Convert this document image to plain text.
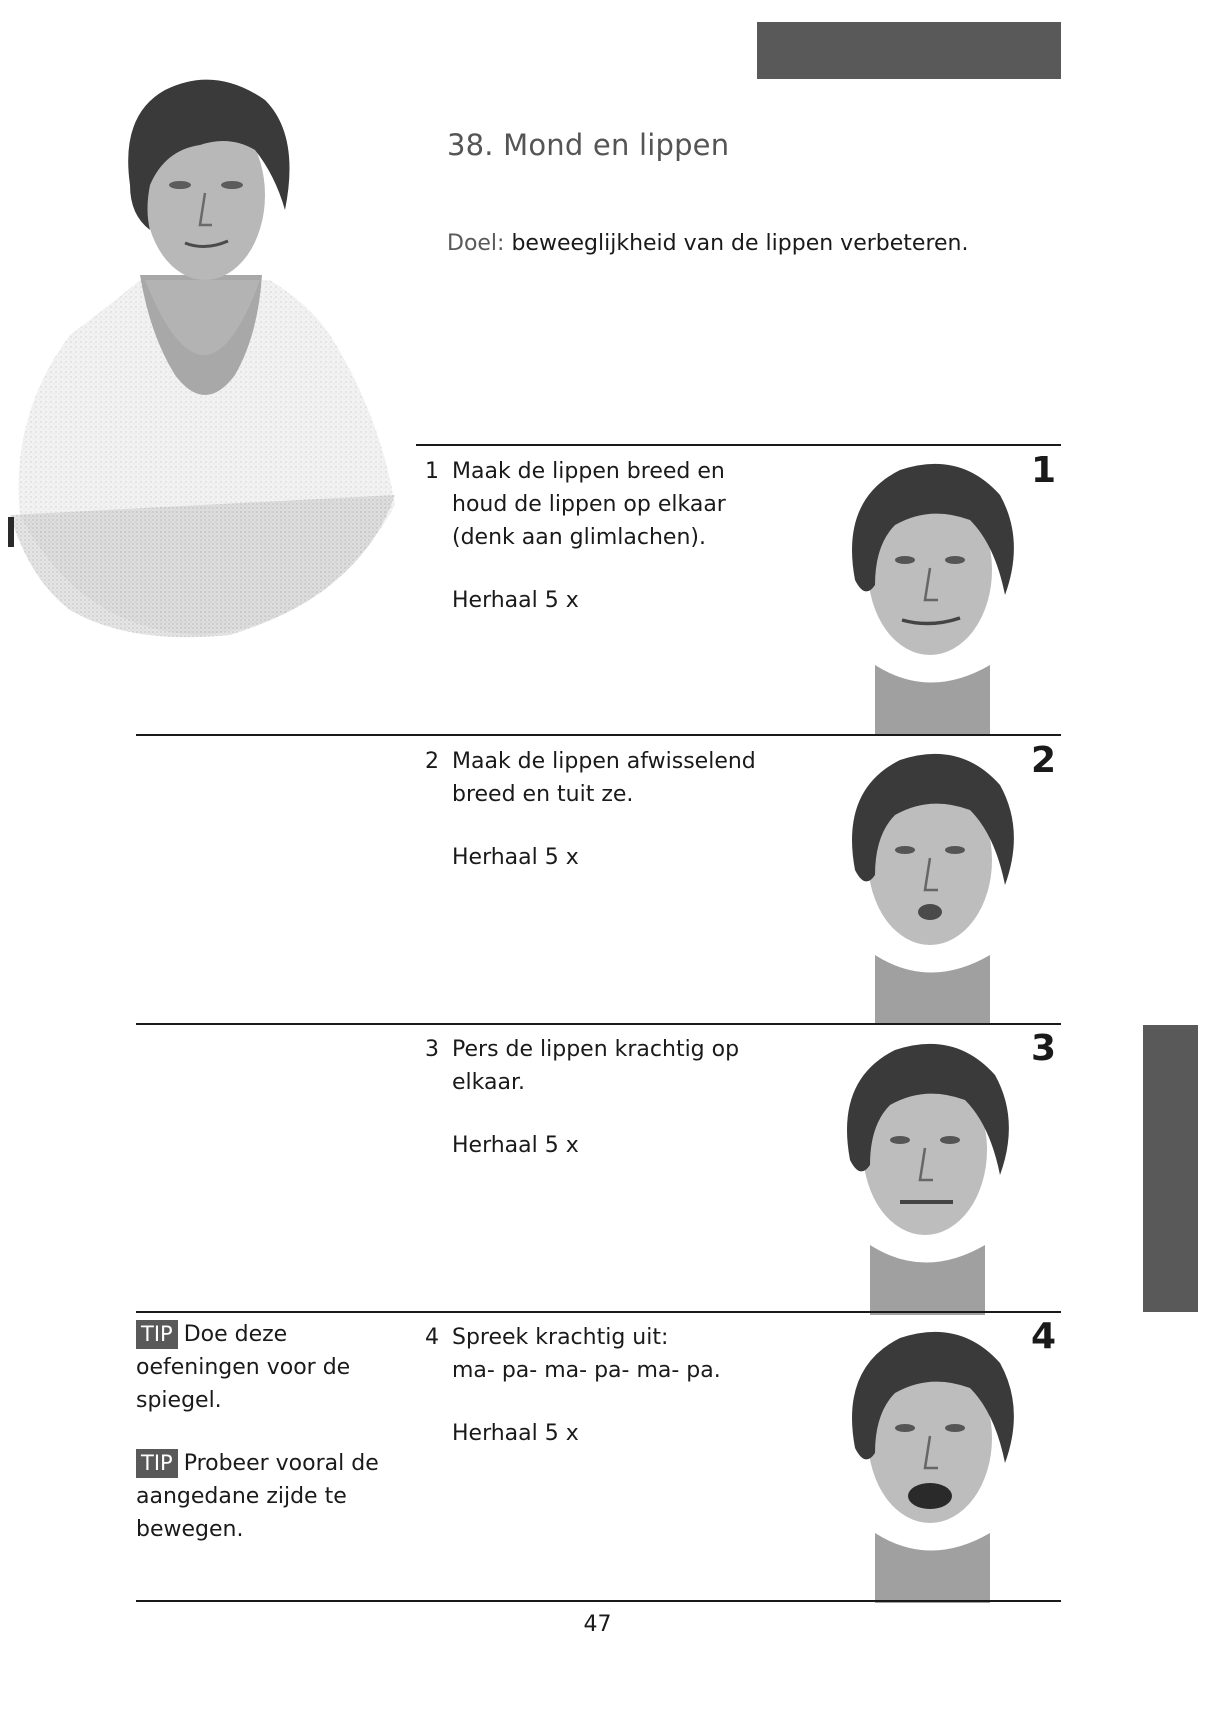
38. Mond en lippen
Doel: beweeglijkheid van de lippen verbeteren.
1 Maak de lippen breed en
houd de lippen op elkaar
(denk aan glimlachen).
Herhaal 5 x
1
2 Maak de lippen afwisselend
breed en tuit ze.
Herhaal 5 x
2
3 Pers de lippen krachtig op
elkaar.
Herhaal 5 x
3
4 Spreek krachtig uit:
ma- pa- ma- pa- ma- pa.
Herhaal 5 x
4
TIP Doe deze
oefeningen voor de
spiegel.
TIP Probeer vooral de
aangedane zijde te
bewegen.
47
